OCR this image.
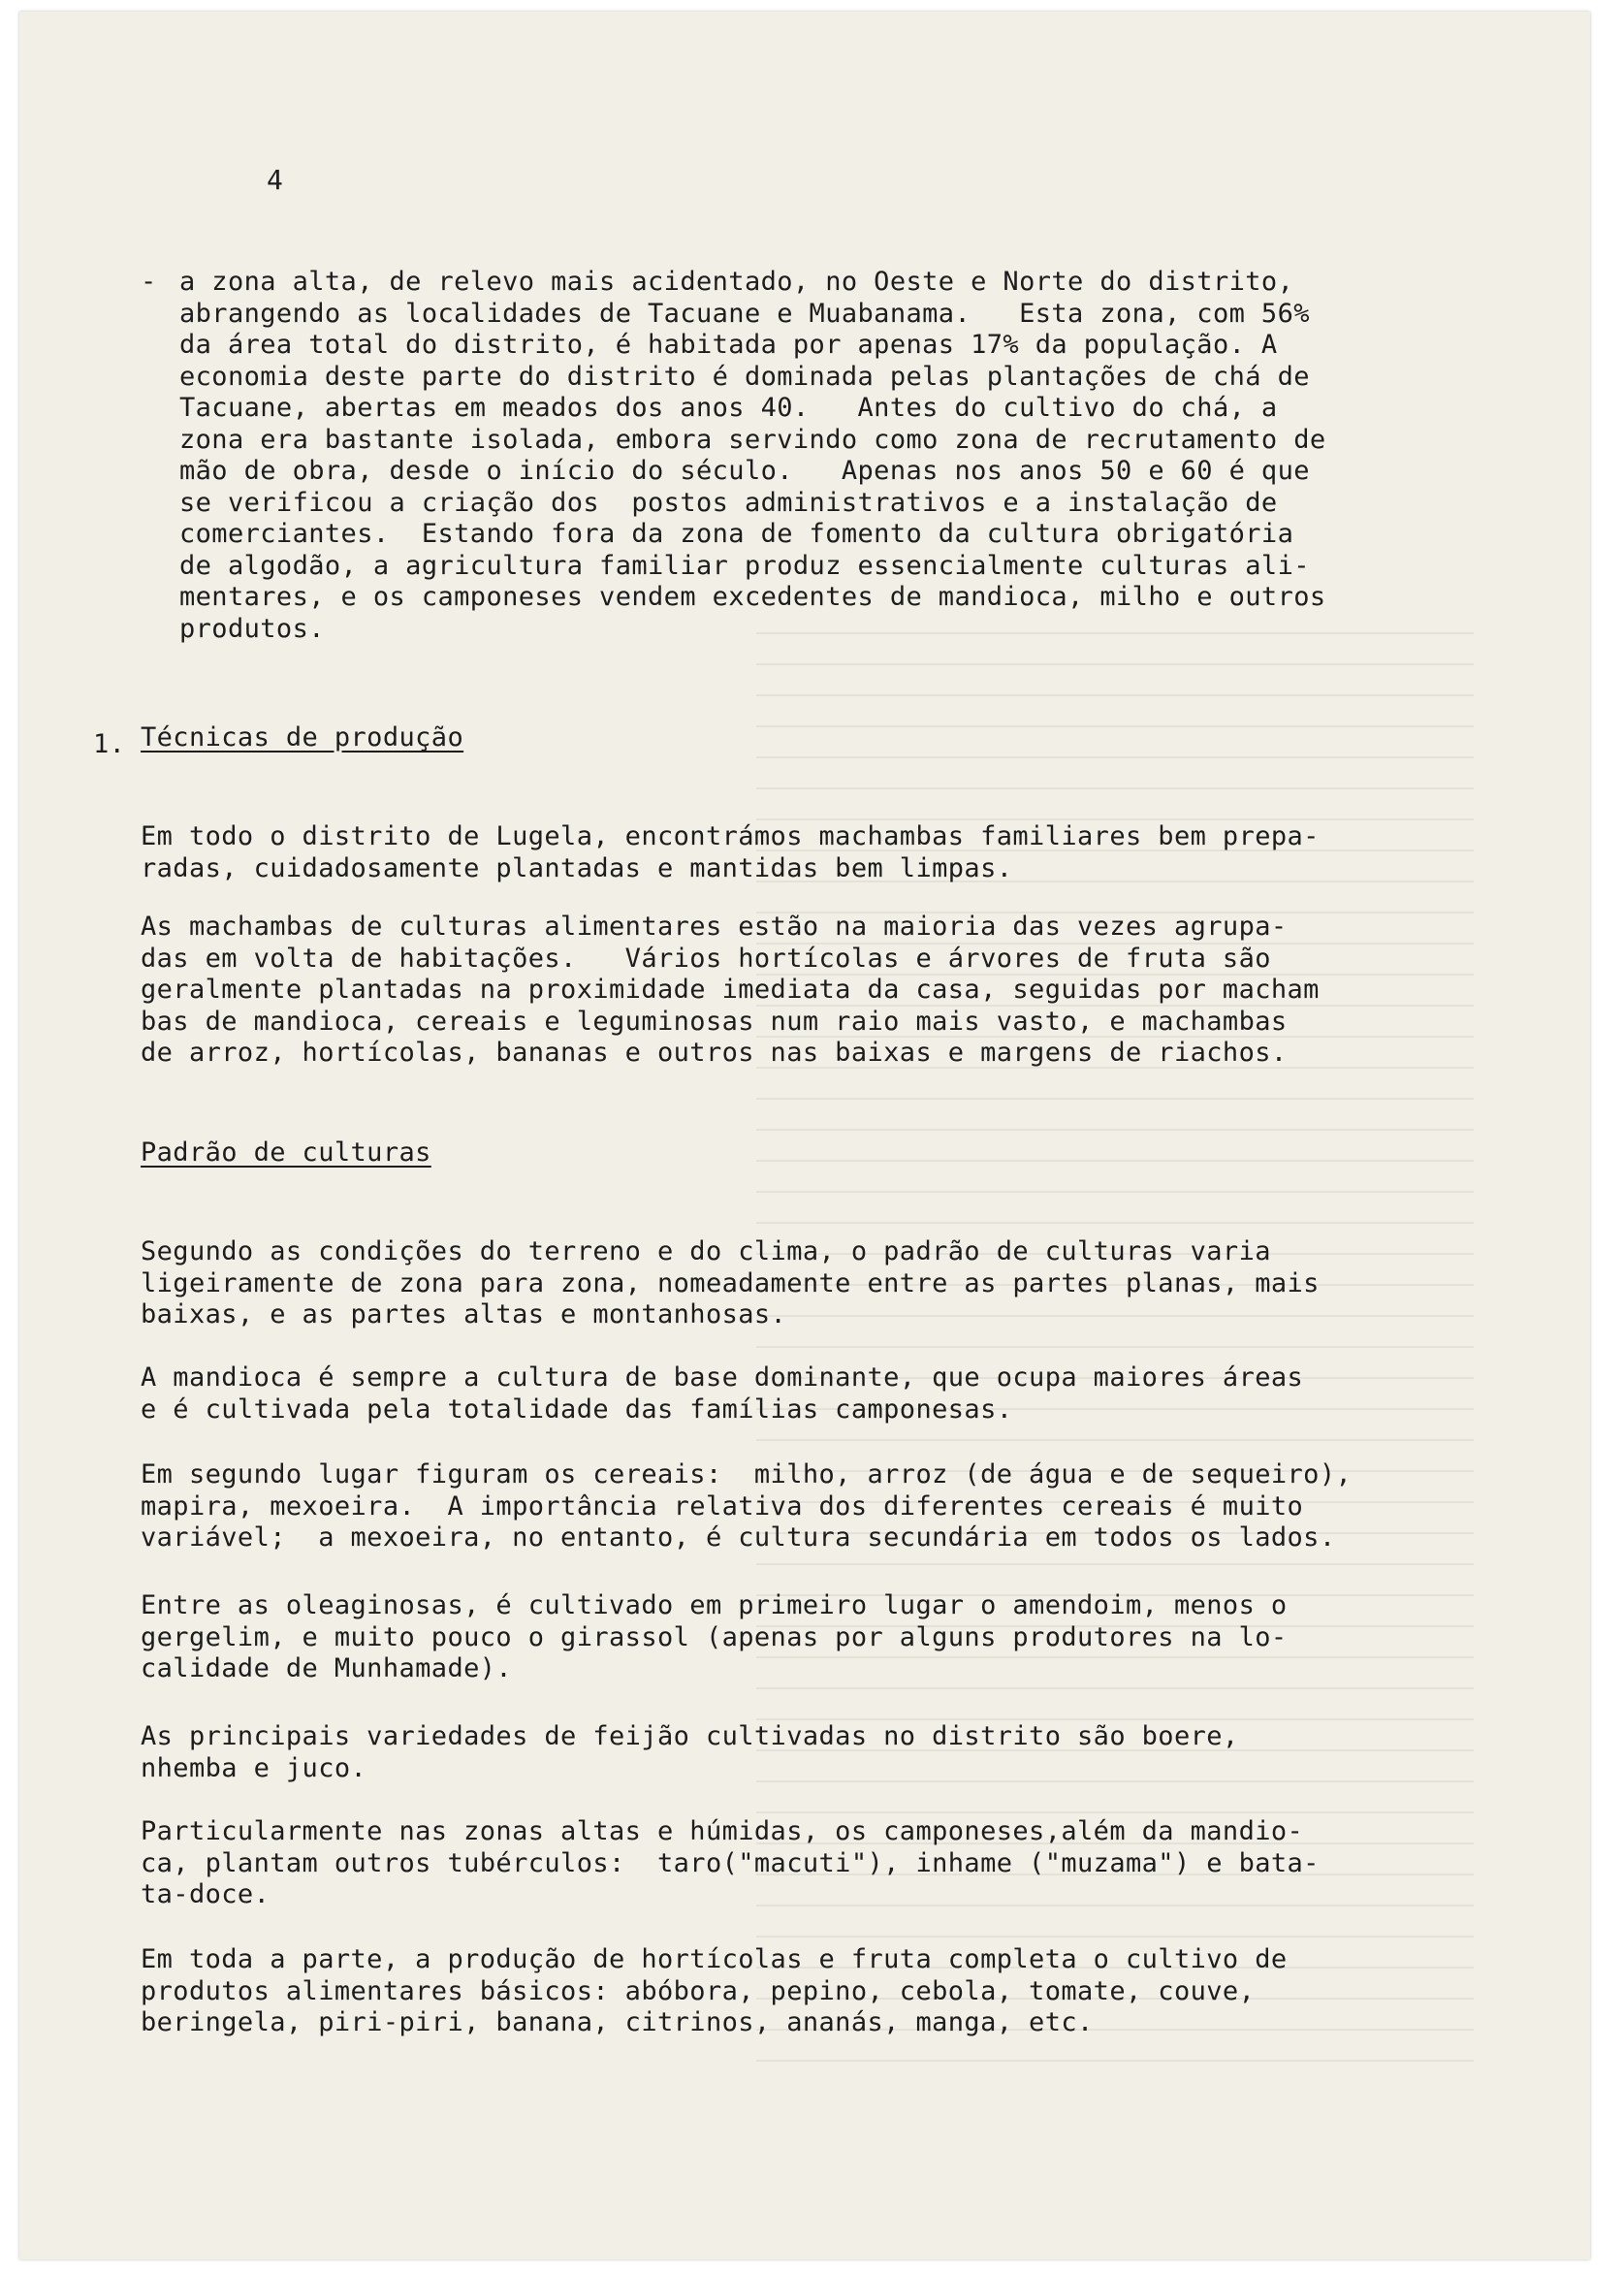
4
- a zona alta, de relevo mais acidentado, no Oeste e Norte do distrito,
abrangendo as localidades de Tacuane e Muabanama.   Esta zona, com 56%
da área total do distrito, é habitada por apenas 17% da população. A
economia deste parte do distrito é dominada pelas plantações de chá de
Tacuane, abertas em meados dos anos 40.   Antes do cultivo do chá, a
zona era bastante isolada, embora servindo como zona de recrutamento de
mão de obra, desde o início do século.   Apenas nos anos 50 e 60 é que
se verificou a criação dos  postos administrativos e a instalação de
comerciantes.  Estando fora da zona de fomento da cultura obrigatória
de algodão, a agricultura familiar produz essencialmente culturas ali-
mentares, e os camponeses vendem excedentes de mandioca, milho e outros
produtos.
1. Técnicas de produção
Em todo o distrito de Lugela, encontrámos machambas familiares bem prepa-
radas, cuidadosamente plantadas e mantidas bem limpas.
As machambas de culturas alimentares estão na maioria das vezes agrupa-
das em volta de habitações.   Vários hortícolas e árvores de fruta são
geralmente plantadas na proximidade imediata da casa, seguidas por macham
bas de mandioca, cereais e leguminosas num raio mais vasto, e machambas
de arroz, hortícolas, bananas e outros nas baixas e margens de riachos.
Padrão de culturas
Segundo as condições do terreno e do clima, o padrão de culturas varia
ligeiramente de zona para zona, nomeadamente entre as partes planas, mais
baixas, e as partes altas e montanhosas.
A mandioca é sempre a cultura de base dominante, que ocupa maiores áreas
e é cultivada pela totalidade das famílias camponesas.
Em segundo lugar figuram os cereais:  milho, arroz (de água e de sequeiro),
mapira, mexoeira.  A importância relativa dos diferentes cereais é muito
variável;  a mexoeira, no entanto, é cultura secundária em todos os lados.
Entre as oleaginosas, é cultivado em primeiro lugar o amendoim, menos o
gergelim, e muito pouco o girassol (apenas por alguns produtores na lo-
calidade de Munhamade).
As principais variedades de feijão cultivadas no distrito são boere,
nhemba e juco.
Particularmente nas zonas altas e húmidas, os camponeses,além da mandio-
ca, plantam outros tubérculos:  taro("macuti"), inhame ("muzama") e bata-
ta-doce.
Em toda a parte, a produção de hortícolas e fruta completa o cultivo de
produtos alimentares básicos: abóbora, pepino, cebola, tomate, couve,
beringela, piri-piri, banana, citrinos, ananás, manga, etc.
